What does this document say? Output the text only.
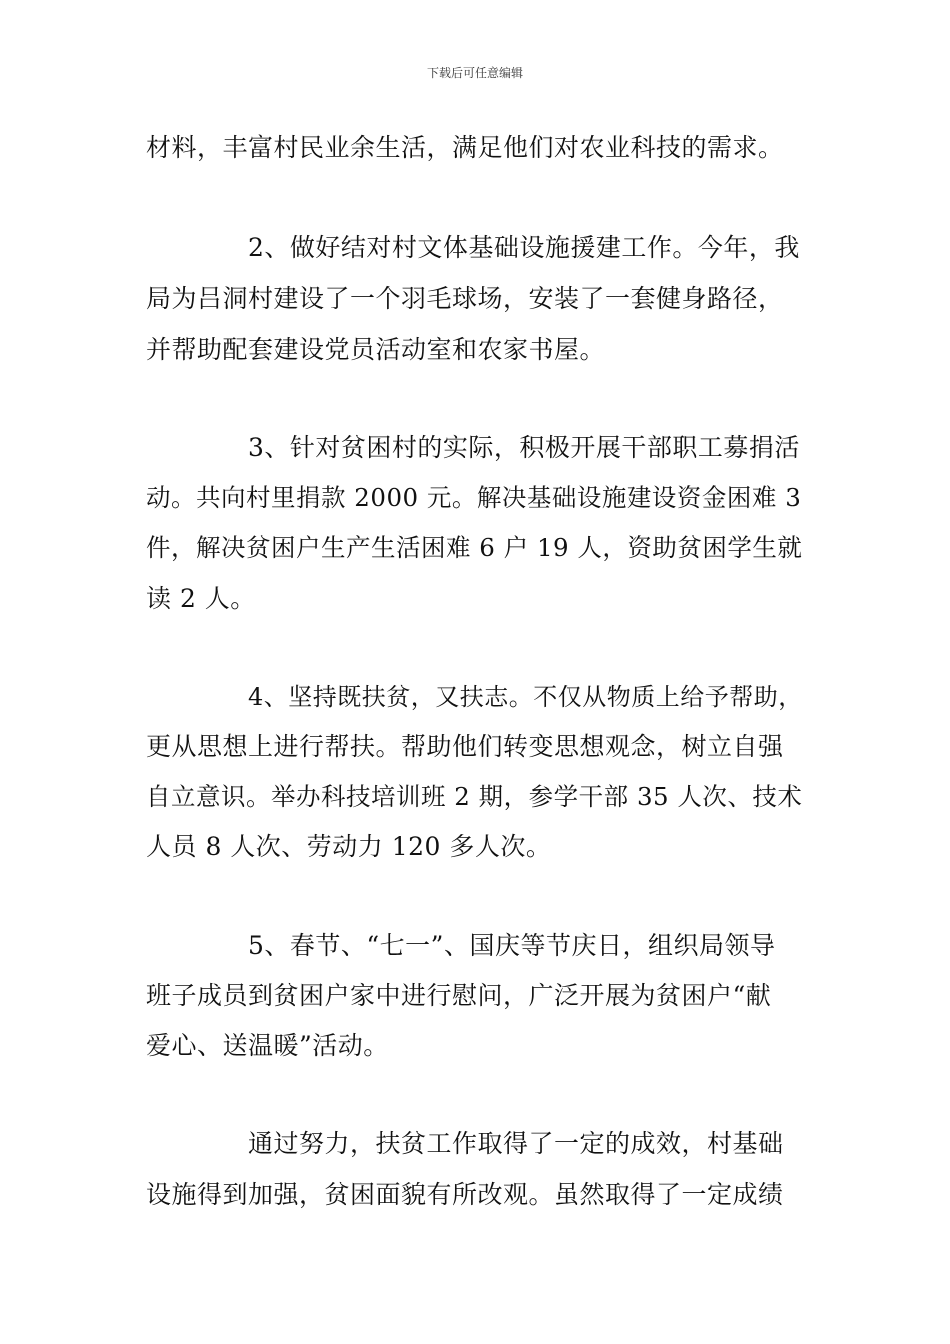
下载后可任意编辑
材料，丰富村民业余生活，满足他们对农业科技的需求。
2、做好结对村文体基础设施援建工作。今年，我
局为吕洞村建设了一个羽毛球场，安装了一套健身路径，
并帮助配套建设党员活动室和农家书屋。
3、针对贫困村的实际，积极开展干部职工募捐活
动。共向村里捐款 2000 元。解决基础设施建设资金困难 3
件，解决贫困户生产生活困难 6 户 19 人，资助贫困学生就
读 2 人。
4、坚持既扶贫，又扶志。不仅从物质上给予帮助，
更从思想上进行帮扶。帮助他们转变思想观念，树立自强
自立意识。举办科技培训班 2 期，参学干部 35 人次、技术
人员 8 人次、劳动力 120 多人次。
5、春节、“七一”、国庆等节庆日，组织局领导
班子成员到贫困户家中进行慰问，广泛开展为贫困户“献
爱心、送温暖”活动。
通过努力，扶贫工作取得了一定的成效，村基础
设施得到加强，贫困面貌有所改观。虽然取得了一定成绩
